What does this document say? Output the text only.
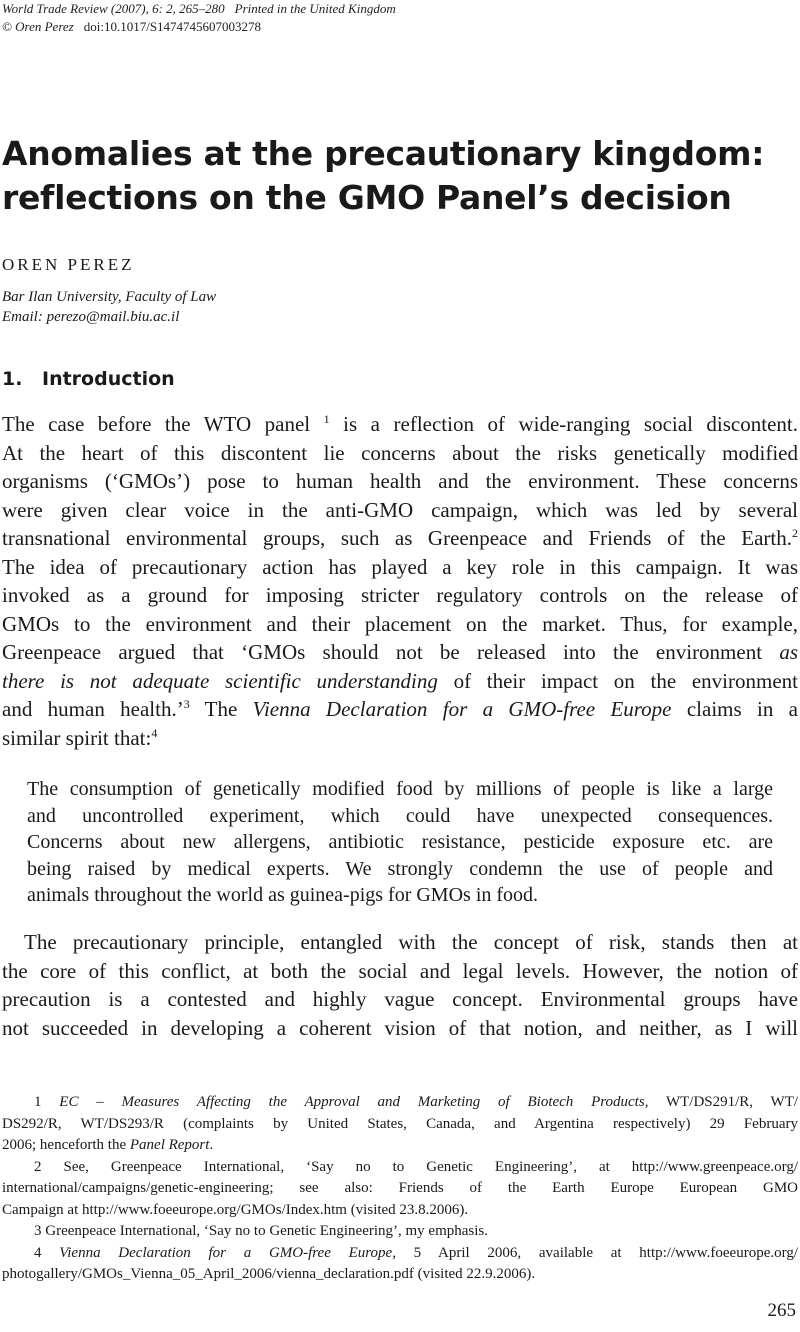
World Trade Review (2007), 6: 2, 265–280 Printed in the United Kingdom
© Oren Perez doi:10.1017/S1474745607003278
Anomalies at the precautionary kingdom:
reflections on the GMO Panel’s decision
OREN PEREZ
Bar Ilan University, Faculty of Law
Email: perezo@mail.biu.ac.il
1. Introduction
The case before the WTO panel $^1$ is a reflection of wide-ranging social discontent.
At the heart of this discontent lie concerns about the risks genetically modified
organisms (‘GMOs’) pose to human health and the environment. These concerns
were given clear voice in the anti-GMO campaign, which was led by several
transnational environmental groups, such as Greenpeace and Friends of the Earth.$^2$
The idea of precautionary action has played a key role in this campaign. It was
invoked as a ground for imposing stricter regulatory controls on the release of
GMOs to the environment and their placement on the market. Thus, for example,
Greenpeace argued that ‘GMOs should not be released into the environment as
there is not adequate scientific understanding of their impact on the environment
and human health.’$^3$ The Vienna Declaration for a GMO-free Europe claims in a
similar spirit that:$^4$
The consumption of genetically modified food by millions of people is like a large
and uncontrolled experiment, which could have unexpected consequences.
Concerns about new allergens, antibiotic resistance, pesticide exposure etc. are
being raised by medical experts. We strongly condemn the use of people and
animals throughout the world as guinea-pigs for GMOs in food.
The precautionary principle, entangled with the concept of risk, stands then at
the core of this conflict, at both the social and legal levels. However, the notion of
precaution is a contested and highly vague concept. Environmental groups have
not succeeded in developing a coherent vision of that notion, and neither, as I will
1 EC – Measures Affecting the Approval and Marketing of Biotech Products, WT/DS291/R, WT/
DS292/R, WT/DS293/R (complaints by United States, Canada, and Argentina respectively) 29 February
2006; henceforth the Panel Report.
2 See, Greenpeace International, ‘Say no to Genetic Engineering’, at http://www.greenpeace.org/
international/campaigns/genetic-engineering; see also: Friends of the Earth Europe European GMO
Campaign at http://www.foeeurope.org/GMOs/Index.htm (visited 23.8.2006).
3 Greenpeace International, ‘Say no to Genetic Engineering’, my emphasis.
4 Vienna Declaration for a GMO-free Europe, 5 April 2006, available at http://www.foeeurope.org/
photogallery/GMOs_Vienna_05_April_2006/vienna_declaration.pdf (visited 22.9.2006).
265
